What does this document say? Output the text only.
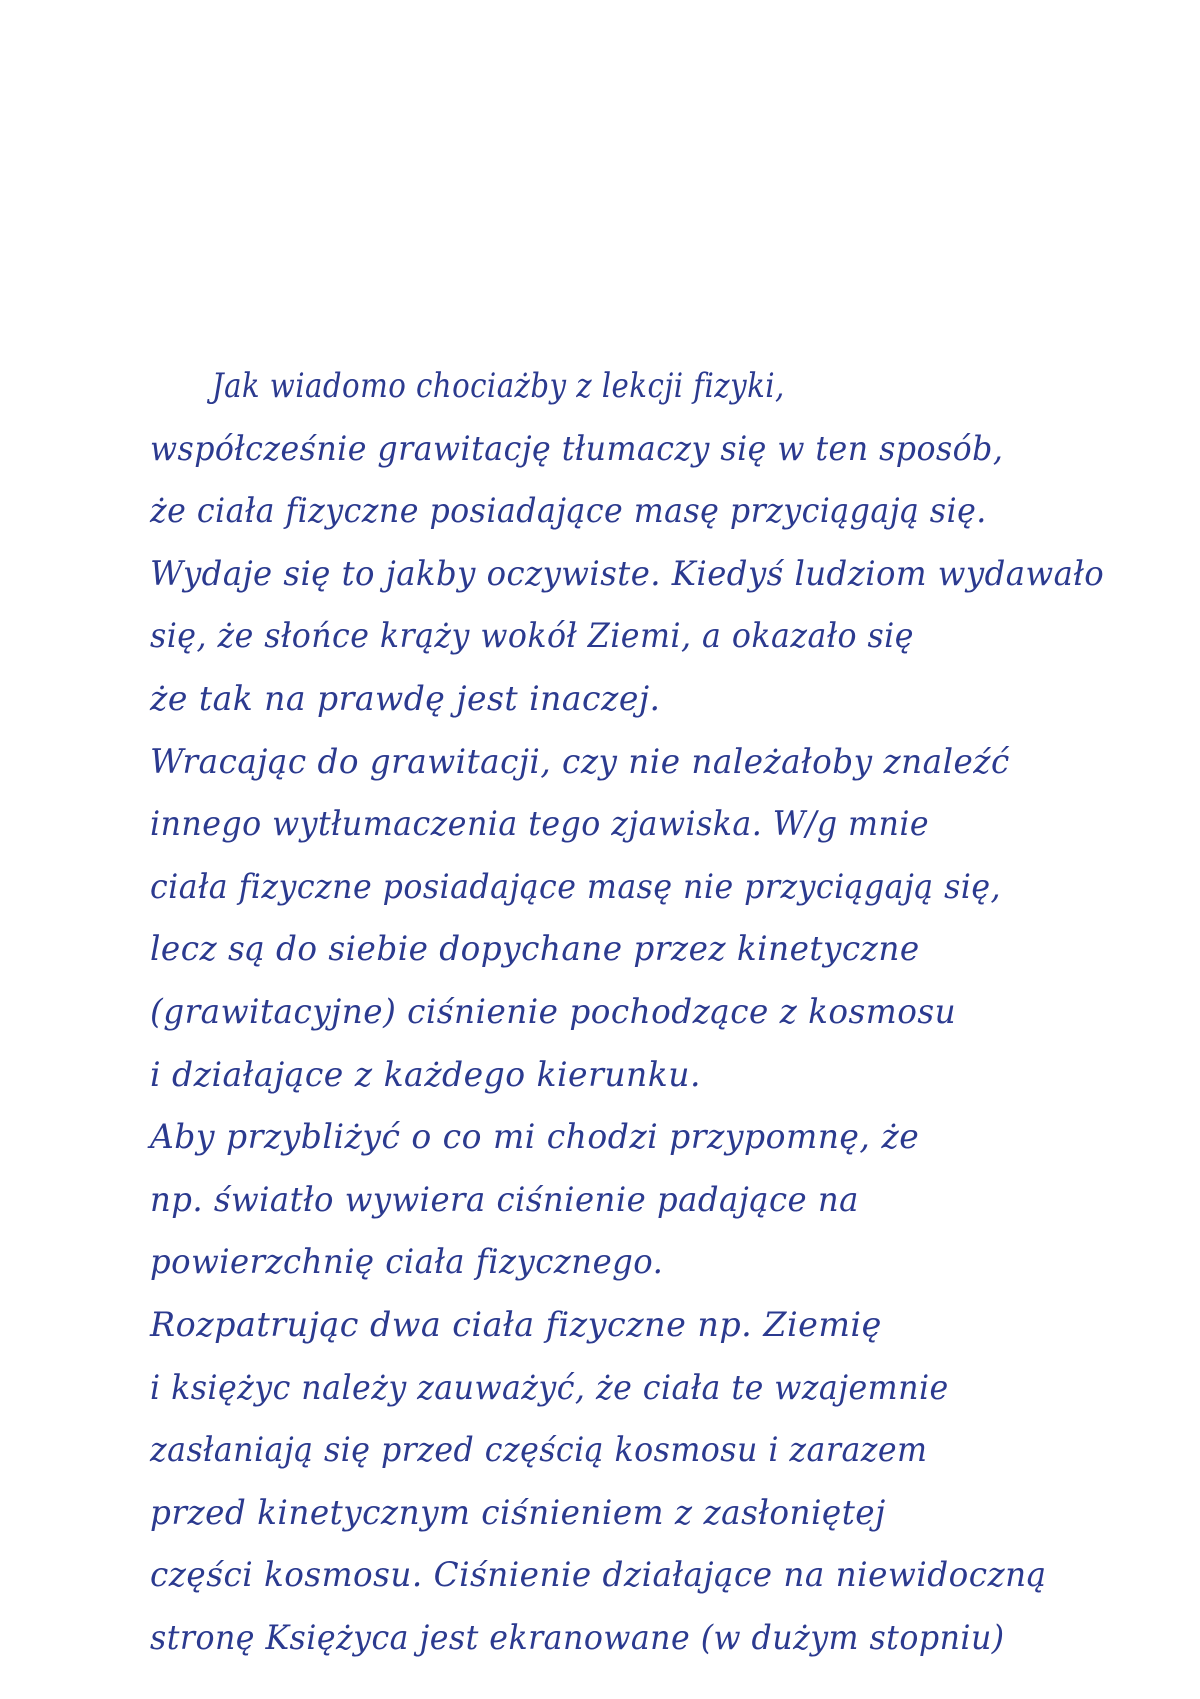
Jak wiadomo chociażby z lekcji fizyki,
współcześnie grawitację tłumaczy się w ten sposób,
że ciała fizyczne posiadające masę przyciągają się.
Wydaje się to jakby oczywiste. Kiedyś ludziom wydawało
się, że słońce krąży wokół Ziemi, a okazało się
że tak na prawdę jest inaczej.
Wracając do grawitacji, czy nie należałoby znaleźć
innego wytłumaczenia tego zjawiska. W/g mnie
ciała fizyczne posiadające masę nie przyciągają się,
lecz są do siebie dopychane przez kinetyczne
(grawitacyjne) ciśnienie pochodzące z kosmosu
i działające z każdego kierunku.
Aby przybliżyć o co mi chodzi przypomnę, że
np. światło wywiera ciśnienie padające na
powierzchnię ciała fizycznego.
Rozpatrując dwa ciała fizyczne np. Ziemię
i księżyc należy zauważyć, że ciała te wzajemnie
zasłaniają się przed częścią kosmosu i zarazem
przed kinetycznym ciśnieniem z zasłoniętej
części kosmosu. Ciśnienie działające na niewidoczną
stronę Księżyca jest ekranowane (w dużym stopniu)
